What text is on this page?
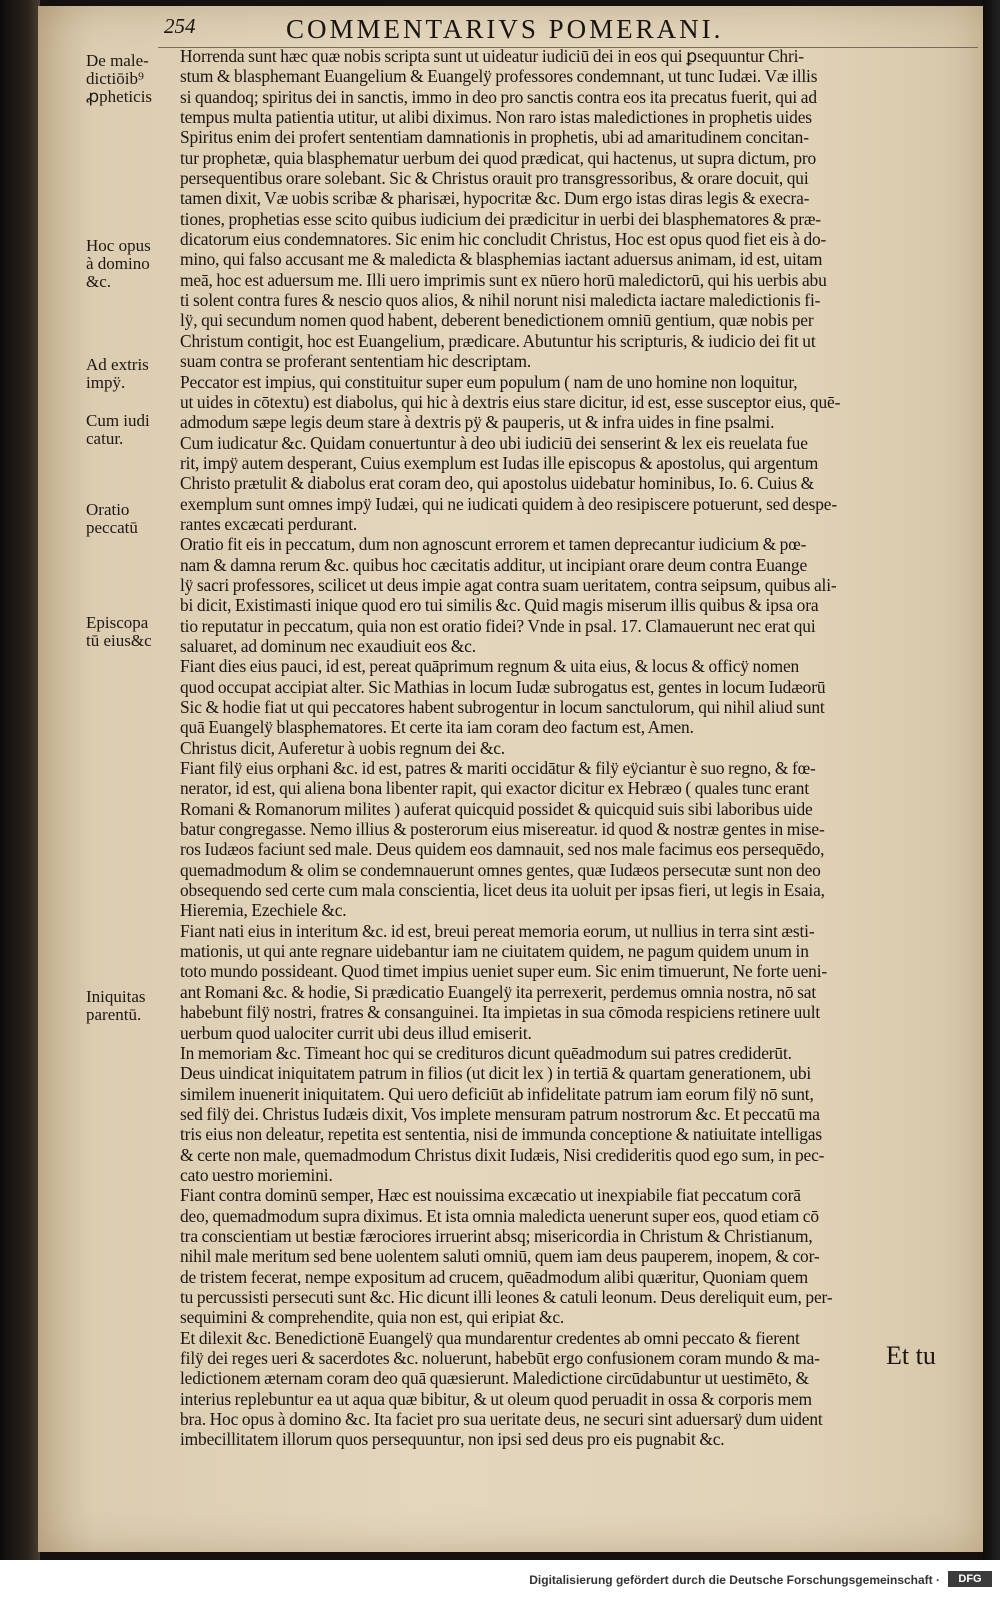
254	COMMENTARIVS POMERANI.
De male-
dictiōib⁹
ꝓpheticis
Hoc opus
à domino
&c.
Ad extris
impÿ.
Cum iudi
catur.
Oratio
peccatū
Episcopa
tū eius&c
Iniquitas
parentū.
Horrenda sunt hæc quæ nobis scripta sunt ut uideatur iudiciū dei in eos qui ꝑsequuntur Chri-
stum & blasphemant Euangelium & Euangelÿ professores condemnant, ut tunc Iudæi. Væ illis
si quandoq; spiritus dei in sanctis, immo in deo pro sanctis contra eos ita precatus fuerit, qui ad
tempus multa patientia utitur, ut alibi diximus. Non raro istas maledictiones in prophetis uides
Spiritus enim dei profert sententiam damnationis in prophetis, ubi ad amaritudinem concitan-
tur prophetæ, quia blasphematur uerbum dei quod prædicat, qui hactenus, ut supra dictum, pro
persequentibus orare solebant. Sic & Christus orauit pro transgressoribus, & orare docuit, qui
tamen dixit, Væ uobis scribæ & pharisæi, hypocritæ &c. Dum ergo istas diras legis & execra-
tiones, prophetias esse scito quibus iudicium dei prædicitur in uerbi dei blasphematores & præ-
dicatorum eius condemnatores. Sic enim hic concludit Christus, Hoc est opus quod fiet eis à do-
mino, qui falso accusant me & maledicta & blasphemias iactant aduersus animam, id est, uitam
meā, hoc est aduersum me. Illi uero imprimis sunt ex nūero horū maledictorū, qui his uerbis abu
ti solent contra fures & nescio quos alios, & nihil norunt nisi maledicta iactare maledictionis fi-
lÿ, qui secundum nomen quod habent, deberent benedictionem omniū gentium, quæ nobis per
Christum contigit, hoc est Euangelium, prædicare. Abutuntur his scripturis, & iudicio dei fit ut
suam contra se proferant sententiam hic descriptam.
Peccator est impius, qui constituitur super eum populum ( nam de uno homine non loquitur,
ut uides in cōtextu) est diabolus, qui hic à dextris eius stare dicitur, id est, esse susceptor eius, quē-
admodum sæpe legis deum stare à dextris pÿ & pauperis, ut & infra uides in fine psalmi.
Cum iudicatur &c. Quidam conuertuntur à deo ubi iudiciū dei senserint & lex eis reuelata fue
rit, impÿ autem desperant, Cuius exemplum est Iudas ille episcopus & apostolus, qui argentum
Christo prætulit & diabolus erat coram deo, qui apostolus uidebatur hominibus, Io. 6. Cuius &
exemplum sunt omnes impÿ Iudæi, qui ne iudicati quidem à deo resipiscere potuerunt, sed despe-
rantes excæcati perdurant.
Oratio fit eis in peccatum, dum non agnoscunt errorem et tamen deprecantur iudicium & pœ-
nam & damna rerum &c. quibus hoc cæcitatis additur, ut incipiant orare deum contra Euange
lÿ sacri professores, scilicet ut deus impie agat contra suam ueritatem, contra seipsum, quibus ali-
bi dicit, Existimasti inique quod ero tui similis &c. Quid magis miserum illis quibus & ipsa ora
tio reputatur in peccatum, quia non est oratio fidei? Vnde in psal. 17. Clamauerunt nec erat qui
saluaret, ad dominum nec exaudiuit eos &c.
Fiant dies eius pauci, id est, pereat quāprimum regnum & uita eius, & locus & officÿ nomen
quod occupat accipiat alter. Sic Mathias in locum Iudæ subrogatus est, gentes in locum Iudæorū
Sic & hodie fiat ut qui peccatores habent subrogentur in locum sanctulorum, qui nihil aliud sunt
quā Euangelÿ blasphematores. Et certe ita iam coram deo factum est, Amen.
Christus dicit, Auferetur à uobis regnum dei &c.
Fiant filÿ eius orphani &c. id est, patres & mariti occidātur & filÿ eÿciantur è suo regno, & fœ-
nerator, id est, qui aliena bona libenter rapit, qui exactor dicitur ex Hebræo ( quales tunc erant
Romani & Romanorum milites ) auferat quicquid possidet & quicquid suis sibi laboribus uide
batur congregasse. Nemo illius & posterorum eius misereatur. id quod & nostræ gentes in mise-
ros Iudæos faciunt sed male. Deus quidem eos damnauit, sed nos male facimus eos persequēdo,
quemadmodum & olim se condemnauerunt omnes gentes, quæ Iudæos persecutæ sunt non deo
obsequendo sed certe cum mala conscientia, licet deus ita uoluit per ipsas fieri, ut legis in Esaia,
Hieremia, Ezechiele &c.
Fiant nati eius in interitum &c. id est, breui pereat memoria eorum, ut nullius in terra sint æsti-
mationis, ut qui ante regnare uidebantur iam ne ciuitatem quidem, ne pagum quidem unum in
toto mundo possideant. Quod timet impius ueniet super eum. Sic enim timuerunt, Ne forte ueni-
ant Romani &c. & hodie, Si prædicatio Euangelÿ ita perrexerit, perdemus omnia nostra, nō sat
habebunt filÿ nostri, fratres & consanguinei. Ita impietas in sua cōmoda respiciens retinere uult
uerbum quod ualociter currit ubi deus illud emiserit.
In memoriam &c. Timeant hoc qui se credituros dicunt quēadmodum sui patres crediderūt.
Deus uindicat iniquitatem patrum in filios (ut dicit lex ) in tertiā & quartam generationem, ubi
similem inuenerit iniquitatem. Qui uero deficiūt ab infidelitate patrum iam eorum filÿ nō sunt,
sed filÿ dei. Christus Iudæis dixit, Vos implete mensuram patrum nostrorum &c. Et peccatū ma
tris eius non deleatur, repetita est sententia, nisi de immunda conceptione & natiuitate intelligas
& certe non male, quemadmodum Christus dixit Iudæis, Nisi credideritis quod ego sum, in pec-
cato uestro moriemini.
Fiant contra dominū semper, Hæc est nouissima excæcatio ut inexpiabile fiat peccatum corā
deo, quemadmodum supra diximus. Et ista omnia maledicta uenerunt super eos, quod etiam cō
tra conscientiam ut bestiæ færociores irruerint absq; misericordia in Christum & Christianum,
nihil male meritum sed bene uolentem saluti omniū, quem iam deus pauperem, inopem, & cor-
de tristem fecerat, nempe expositum ad crucem, quēadmodum alibi quæritur, Quoniam quem
tu percussisti persecuti sunt &c. Hic dicunt illi leones & catuli leonum. Deus dereliquit eum, per-
sequimini & comprehendite, quia non est, qui eripiat &c.
Et dilexit &c. Benedictionē Euangelÿ qua mundarentur credentes ab omni peccato & fierent
filÿ dei reges ueri & sacerdotes &c. noluerunt, habebūt ergo confusionem coram mundo & ma-
ledictionem æternam coram deo quā quæsierunt. Maledictione circūdabuntur ut uestimēto, &
interius replebuntur ea ut aqua quæ bibitur, & ut oleum quod peruadit in ossa & corporis mem
bra. Hoc opus à domino &c. Ita faciet pro sua ueritate deus, ne securi sint aduersarÿ dum uident
imbecillitatem illorum quos persequuntur, non ipsi sed deus pro eis pugnabit &c.
Et tu
Digitalisierung gefördert durch die Deutsche Forschungsgemeinschaft ·	DFG
